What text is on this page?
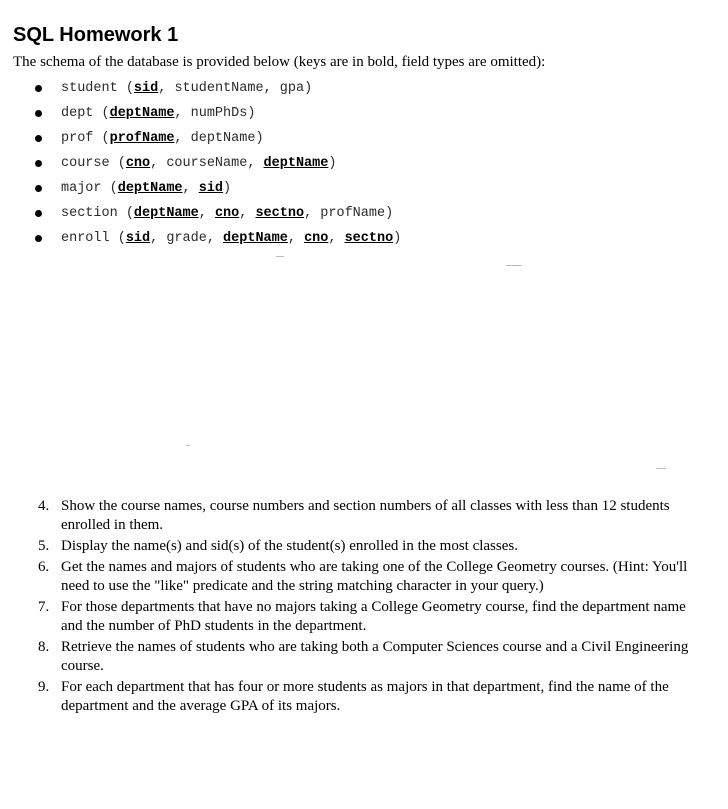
SQL Homework 1
The schema of the database is provided below (keys are in bold, field types are omitted):
student (sid, studentName, gpa)
dept (deptName, numPhDs)
prof (profName, deptName)
course (cno, courseName, deptName)
major (deptName, sid)
section (deptName, cno, sectno, profName)
enroll (sid, grade, deptName, cno, sectno)
4. Show the course names, course numbers and section numbers of all classes with less than 12 students enrolled in them.
5. Display the name(s) and sid(s) of the student(s) enrolled in the most classes.
6. Get the names and majors of students who are taking one of the College Geometry courses. (Hint: You'll need to use the "like" predicate and the string matching character in your query.)
7. For those departments that have no majors taking a College Geometry course, find the department name and the number of PhD students in the department.
8. Retrieve the names of students who are taking both a Computer Sciences course and a Civil Engineering course.
9. For each department that has four or more students as majors in that department, find the name of the department and the average GPA of its majors.
